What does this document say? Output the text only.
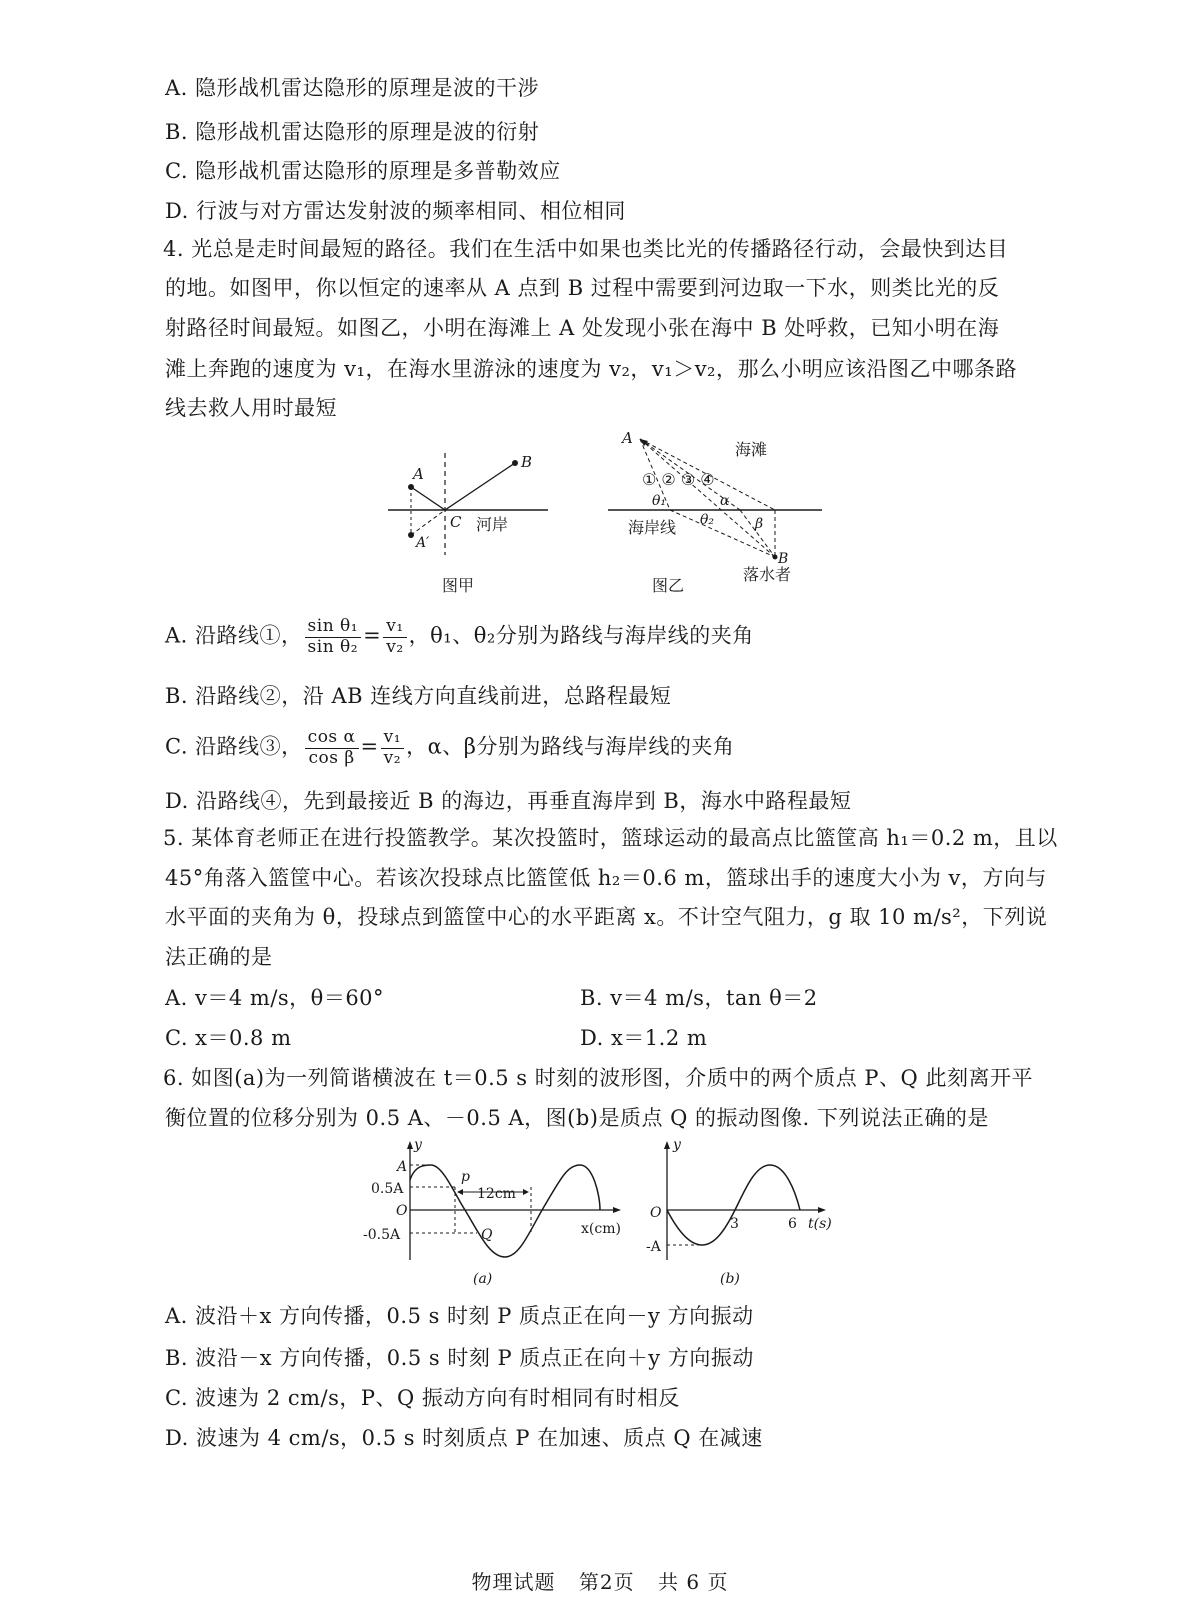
A. 隐形战机雷达隐形的原理是波的干涉
B. 隐形战机雷达隐形的原理是波的衍射
C. 隐形战机雷达隐形的原理是多普勒效应
D. 行波与对方雷达发射波的频率相同、相位相同
4. 光总是走时间最短的路径。我们在生活中如果也类比光的传播路径行动，会最快到达目
的地。如图甲，你以恒定的速率从 A 点到 B 过程中需要到河边取一下水，则类比光的反
射路径时间最短。如图乙，小明在海滩上 A 处发现小张在海中 B 处呼救，已知小明在海
滩上奔跑的速度为 v₁，在海水里游泳的速度为 v₂，v₁＞v₂，那么小明应该沿图乙中哪条路
线去救人用时最短
A
B
C
A′
河岸
图甲
A
海滩
① ② ③ ④
θ₁	α
θ₂	β
海岸线
B
落水者
图乙
A. 沿路线①， $\frac{\text{sin θ₁}}{\text{sin θ₂}} = \frac{\text{v₁}}{\text{v₂}}$ ，θ₁、θ₂分别为路线与海岸线的夹角
B. 沿路线②，沿 AB 连线方向直线前进，总路程最短
C. 沿路线③， $\frac{\text{cos α}}{\text{cos β}} = \frac{\text{v₁}}{\text{v₂}}$ ，α、β分别为路线与海岸线的夹角
D. 沿路线④，先到最接近 B 的海边，再垂直海岸到 B，海水中路程最短
5. 某体育老师正在进行投篮教学。某次投篮时，篮球运动的最高点比篮筐高 h₁＝0.2 m，且以
45°角落入篮筐中心。若该次投球点比篮筐低 h₂＝0.6 m，篮球出手的速度大小为 v，方向与
水平面的夹角为 θ，投球点到篮筐中心的水平距离 x。不计空气阻力，g 取 10 m/s²，下列说
法正确的是
A. v＝4 m/s，θ＝60°	B. v＝4 m/s，tan θ＝2
C. x＝0.8 m	D. x＝1.2 m
6. 如图(a)为一列简谐横波在 t＝0.5 s 时刻的波形图，介质中的两个质点 P、Q 此刻离开平
衡位置的位移分别为 0.5 A、－0.5 A，图(b)是质点 Q 的振动图像. 下列说法正确的是
y
A
0.5A
O
-0.5A
p
Q
12cm
x(cm)
(a)
y
O
-A
3	6 t(s)
(b)
A. 波沿＋x 方向传播，0.5 s 时刻 P 质点正在向－y 方向振动
B. 波沿－x 方向传播，0.5 s 时刻 P 质点正在向＋y 方向振动
C. 波速为 2 cm/s，P、Q 振动方向有时相同有时相反
D. 波速为 4 cm/s，0.5 s 时刻质点 P 在加速、质点 Q 在减速
物理试题 第2页 共 6 页
